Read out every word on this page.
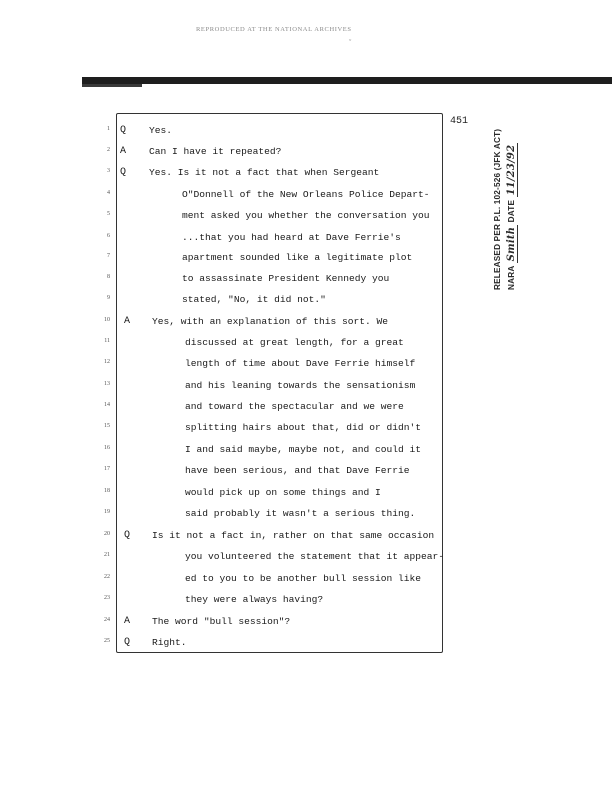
REPRODUCED AT THE NATIONAL ARCHIVES
ˇ
451
1 Q Yes.
2 A Can I have it repeated?
3 Q Yes. Is it not a fact that when Sergeant
4	O"Donnell of the New Orleans Police Depart-
5	ment asked you whether the conversation you
6	...that you had heard at Dave Ferrie's
7	apartment sounded like a legitimate plot
8	to assassinate President Kennedy you
9	stated, "No, it did not."
10 A Yes, with an explanation of this sort. We
11	discussed at great length, for a great
12	length of time about Dave Ferrie himself
13	and his leaning towards the sensationism
14	and toward the spectacular and we were
15	splitting hairs about that, did or didn't
16	I and said maybe, maybe not, and could it
17	have been serious, and that Dave Ferrie
18	would pick up on some things and I
19	said probably it wasn't a serious thing.
20 Q Is it not a fact in, rather on that same occasion
21	you volunteered the statement that it appear-
22	ed to you to be another bull session like
23	they were always having?
24 A The word "bull session"?
25 Q Right.
RELEASED PER P.L. 102-526 (JFK ACT) NARA Smith DATE 11/23/92
